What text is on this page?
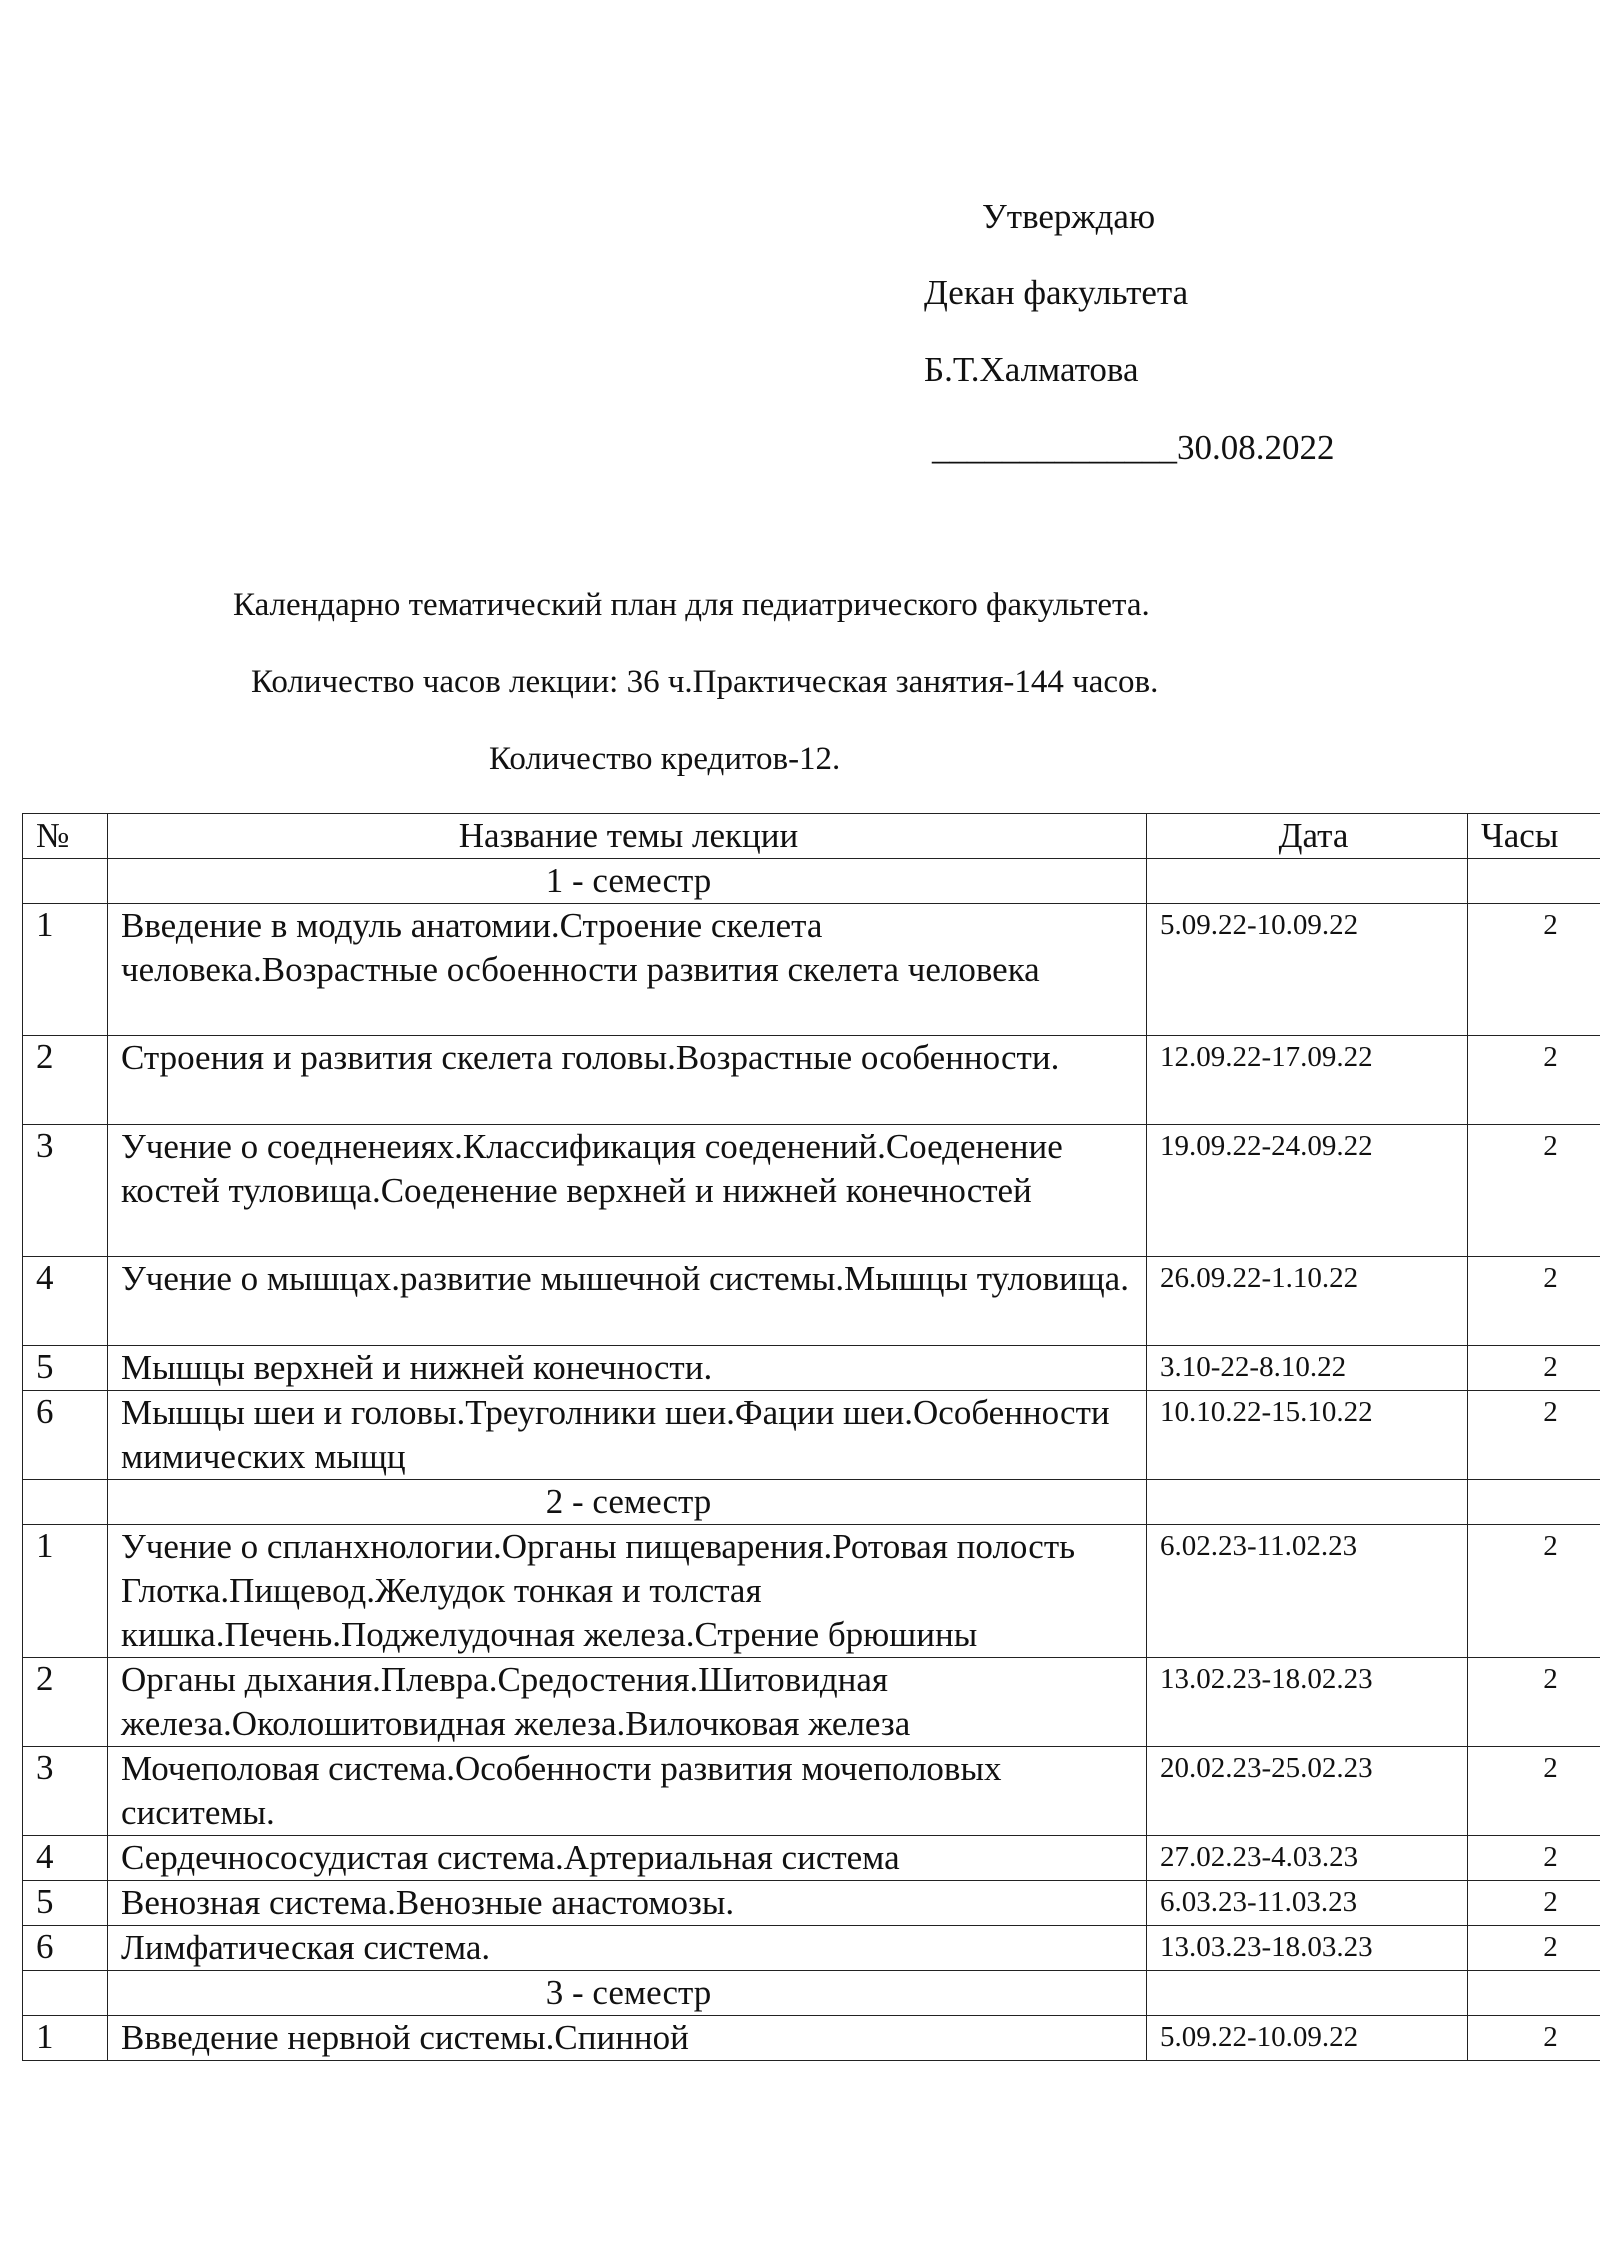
Утверждаю
Декан факультета
Б.Т.Халматова
______________30.08.2022
Календарно тематический план для педиатрического факультета.
Количество часов лекции: 36 ч.Практическая занятия-144 часов.
Количество кредитов-12.
№	Название темы лекции	Дата	Часы
	1 - семестр		
1	Введение в модуль анатомии.Строение скелета человека.Возрастные осбоенности развития скелета человека	5.09.22-10.09.22	2
2	Строения и развития скелета головы.Возрастные особенности.	12.09.22-17.09.22	2
3	Учение о соедненеиях.Классификация соеденений.Соеденение костей туловища.Соеденение верхней и нижней конечностей	19.09.22-24.09.22	2
4	Учение о мышцах.развитие мышечной системы.Мышцы туловища.	26.09.22-1.10.22	2
5	Мышцы верхней и нижней конечности.	3.10-22-8.10.22	2
6	Мышцы шеи и головы.Треуголники шеи.Фации шеи.Особенности мимических мыщц	10.10.22-15.10.22	2
	2 - семестр		
1	Учение о спланхнологии.Органы пищеварения.Ротовая полость Глотка.Пищевод.Желудок тонкая и толстая кишка.Печень.Поджелудочная железа.Стрение брюшины	6.02.23-11.02.23	2
2	Органы дыхания.Плевра.Средостения.Шитовидная железа.Околошитовидная железа.Вилочковая железа	13.02.23-18.02.23	2
3	Мочеполовая система.Особенности развития мочеполовых сиситемы.	20.02.23-25.02.23	2
4	Сердечнососудистая система.Артериальная система	27.02.23-4.03.23	2
5	Венозная система.Венозные анастомозы.	6.03.23-11.03.23	2
6	Лимфатическая система.	13.03.23-18.03.23	2
	3 - семестр		
1	Ввведение нервной системы.Спинной	5.09.22-10.09.22	2
